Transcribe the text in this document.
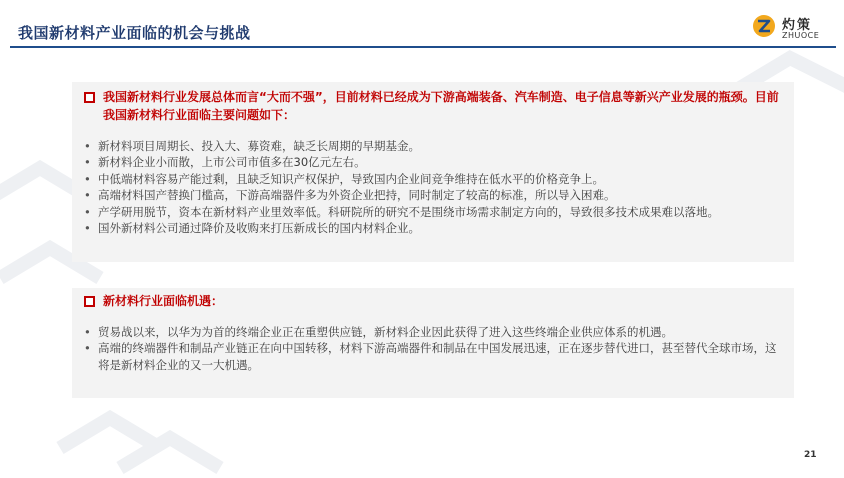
我国新材料产业面临的机会与挑战	灼策
ZHUOCE
我国新材料行业发展总体而言“大而不强”，目前材料已经成为下游高端装备、汽车制造、电子信息等新兴产业发展的瓶颈。目前我国新材料行业面临主要问题如下：
• 新材料项目周期长、投入大、募资难，缺乏长周期的早期基金。
• 新材料企业小而散，上市公司市值多在30亿元左右。
• 中低端材料容易产能过剩，且缺乏知识产权保护，导致国内企业间竞争维持在低水平的价格竞争上。
• 高端材料国产替换门槛高，下游高端器件多为外资企业把持，同时制定了较高的标准，所以导入困难。
• 产学研用脱节，资本在新材料产业里效率低。科研院所的研究不是围绕市场需求制定方向的，导致很多技术成果难以落地。
• 国外新材料公司通过降价及收购来打压新成长的国内材料企业。
新材料行业面临机遇：
• 贸易战以来，以华为为首的终端企业正在重塑供应链，新材料企业因此获得了进入这些终端企业供应体系的机遇。
• 高端的终端器件和制品产业链正在向中国转移，材料下游高端器件和制品在中国发展迅速，正在逐步替代进口，甚至替代全球市场，这将是新材料企业的又一大机遇。
21
